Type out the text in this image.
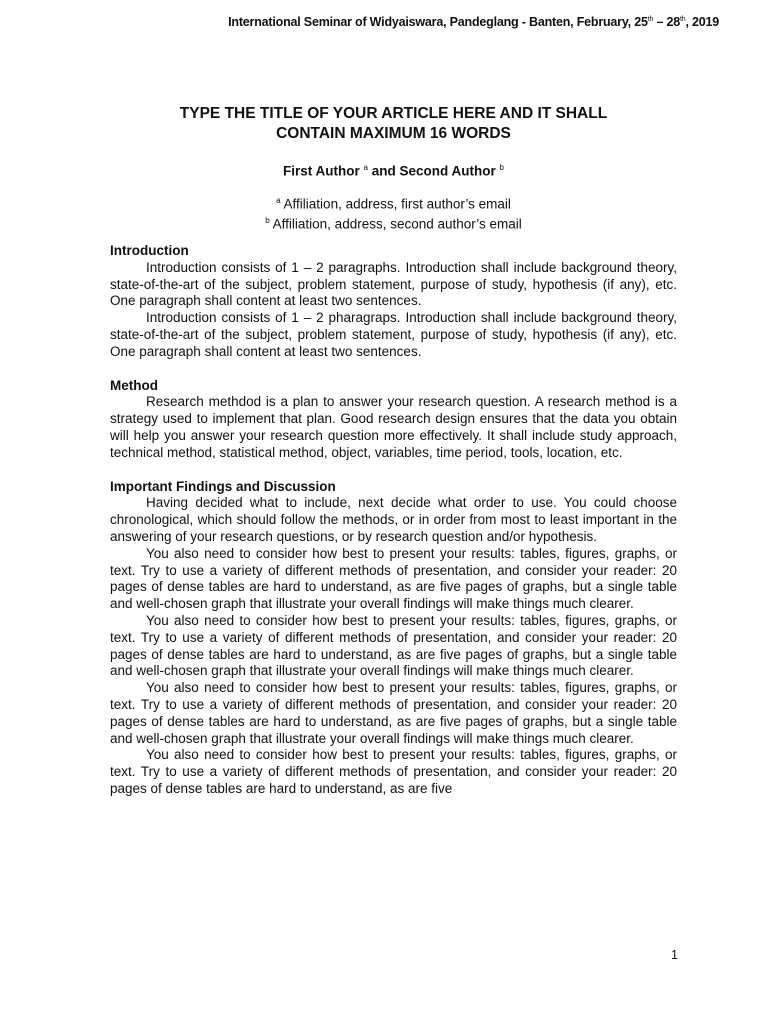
International Seminar of Widyaiswara, Pandeglang - Banten, February, 25th – 28th, 2019
TYPE THE TITLE OF YOUR ARTICLE HERE AND IT SHALL
CONTAIN MAXIMUM 16 WORDS
First Author $^a$ and Second Author $^b$
$^a$ Affiliation, address, first author’s email
$^b$ Affiliation, address, second author’s email

Introduction

Introduction consists of 1 – 2 paragraphs. Introduction shall include background theory, state-of-the-art of the subject, problem statement, purpose of study, hypothesis (if any), etc. One paragraph shall content at least two sentences.

Introduction consists of 1 – 2 pharagraps. Introduction shall include background theory, state-of-the-art of the subject, problem statement, purpose of study, hypothesis (if any), etc. One paragraph shall content at least two sentences.

Method

Research methdod is a plan to answer your research question. A research method is a strategy used to implement that plan. Good research design ensures that the data you obtain will help you answer your research question more effectively. It shall include study approach, technical method, statistical method, object, variables, time period, tools, location, etc.

Important Findings and Discussion

Having decided what to include, next decide what order to use. You could choose chronological, which should follow the methods, or in order from most to least important in the answering of your research questions, or by research question and/or hypothesis.

You also need to consider how best to present your results: tables, figures, graphs, or text. Try to use a variety of different methods of presentation, and consider your reader: 20 pages of dense tables are hard to understand, as are five pages of graphs, but a single table and well-chosen graph that illustrate your overall findings will make things much clearer.

You also need to consider how best to present your results: tables, figures, graphs, or text. Try to use a variety of different methods of presentation, and consider your reader: 20 pages of dense tables are hard to understand, as are five pages of graphs, but a single table and well-chosen graph that illustrate your overall findings will make things much clearer.

You also need to consider how best to present your results: tables, figures, graphs, or text. Try to use a variety of different methods of presentation, and consider your reader: 20 pages of dense tables are hard to understand, as are five pages of graphs, but a single table and well-chosen graph that illustrate your overall findings will make things much clearer.

You also need to consider how best to present your results: tables, figures, graphs, or text. Try to use a variety of different methods of presentation, and consider your reader: 20 pages of dense tables are hard to understand, as are five

1
